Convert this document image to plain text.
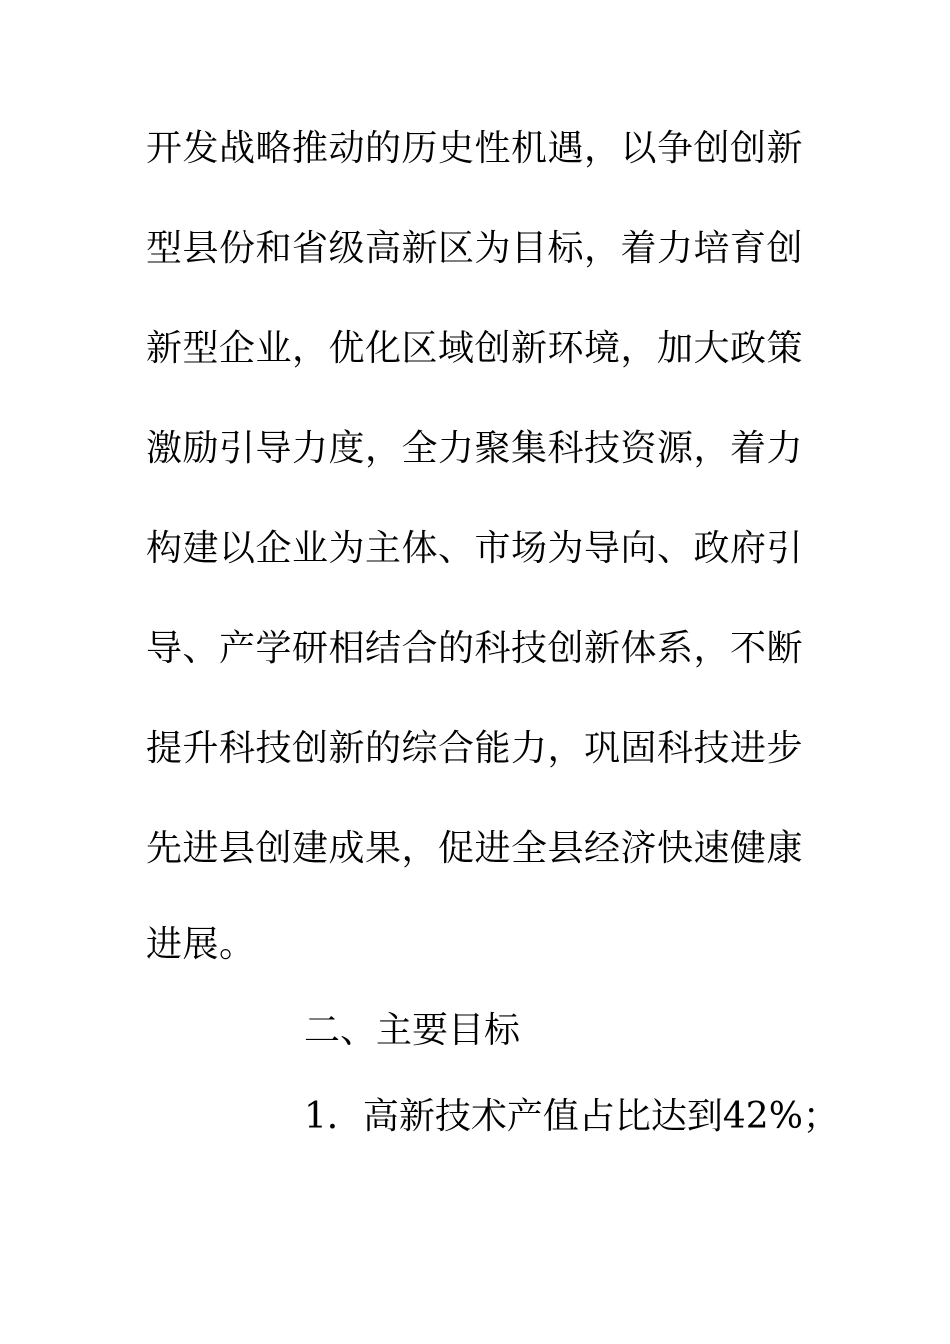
开发战略推动的历史性机遇，以争创创新
型县份和省级高新区为目标，着力培育创
新型企业，优化区域创新环境，加大政策
激励引导力度，全力聚集科技资源，着力
构建以企业为主体、市场为导向、政府引
导、产学研相结合的科技创新体系，不断
提升科技创新的综合能力，巩固科技进步
先进县创建成果，促进全县经济快速健康
进展。
二、主要目标
1．高新技术产值占比达到42%；
